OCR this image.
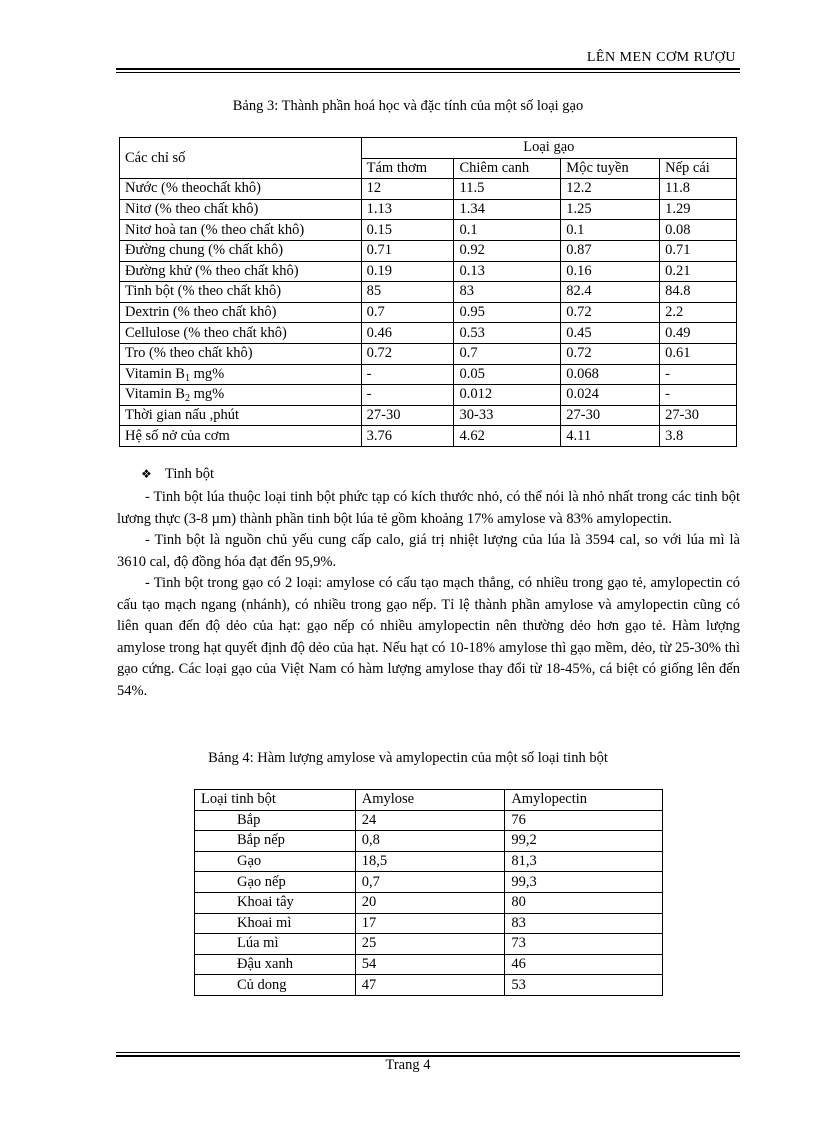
LÊN MEN CƠM RƯỢU
Bảng 3: Thành phần hoá học và đặc tính của một số loại gạo
Các chỉ số	Loại gạo			
	Tám thơm	Chiêm canh	Mộc tuyền	Nếp cái
Nước (% theochất khô)	12	11.5	12.2	11.8
Nitơ (% theo chất khô)	1.13	1.34	1.25	1.29
Nitơ hoà tan (% theo chất khô)	0.15	0.1	0.1	0.08
Đường chung (% chất khô)	0.71	0.92	0.87	0.71
Đường khử (% theo chất khô)	0.19	0.13	0.16	0.21
Tinh bột (% theo chất khô)	85	83	82.4	84.8
Dextrin (% theo chất khô)	0.7	0.95	0.72	2.2
Cellulose (% theo chất khô)	0.46	0.53	0.45	0.49
Tro (% theo chất khô)	0.72	0.7	0.72	0.61
Vitamin $B_1$ mg%	-	0.05	0.068	-
Vitamin $B_2$ mg%	-	0.012	0.024	-
Thời gian nấu ,phút	27-30	30-33	27-30	27-30
Hệ số nở của cơm	3.76	4.62	4.11	3.8
❖ Tinh bột

- Tinh bột lúa thuộc loại tinh bột phức tạp có kích thước nhỏ, có thể nói là nhỏ nhất trong các tinh bột lương thực (3-8 µm) thành phần tinh bột lúa tẻ gồm khoảng 17% amylose và 83% amylopectin.

- Tinh bột là nguồn chủ yếu cung cấp calo, giá trị nhiệt lượng của lúa là 3594 cal, so với lúa mì là 3610 cal, độ đồng hóa đạt đến 95,9%.

- Tinh bột trong gạo có 2 loại: amylose có cấu tạo mạch thẳng, có nhiều trong gạo tẻ, amylopectin có cấu tạo mạch ngang (nhánh), có nhiều trong gạo nếp. Tỉ lệ thành phần amylose và amylopectin cũng có liên quan đến độ dẻo của hạt: gạo nếp có nhiều amylopectin nên thường dẻo hơn gạo tẻ. Hàm lượng amylose trong hạt quyết định độ dẻo của hạt. Nếu hạt có 10-18% amylose thì gạo mềm, dẻo, từ 25-30% thì gạo cứng. Các loại gạo của Việt Nam có hàm lượng amylose thay đổi từ 18-45%, cá biệt có giống lên đến 54%.

Bảng 4: Hàm lượng amylose và amylopectin của một số loại tinh bột
Loại tinh bột	Amylose	Amylopectin
Bắp	24	76
Bắp nếp	0,8	99,2
Gạo	18,5	81,3
Gạo nếp	0,7	99,3
Khoai tây	20	80
Khoai mì	17	83
Lúa mì	25	73
Đậu xanh	54	46
Củ dong	47	53
Trang 4
